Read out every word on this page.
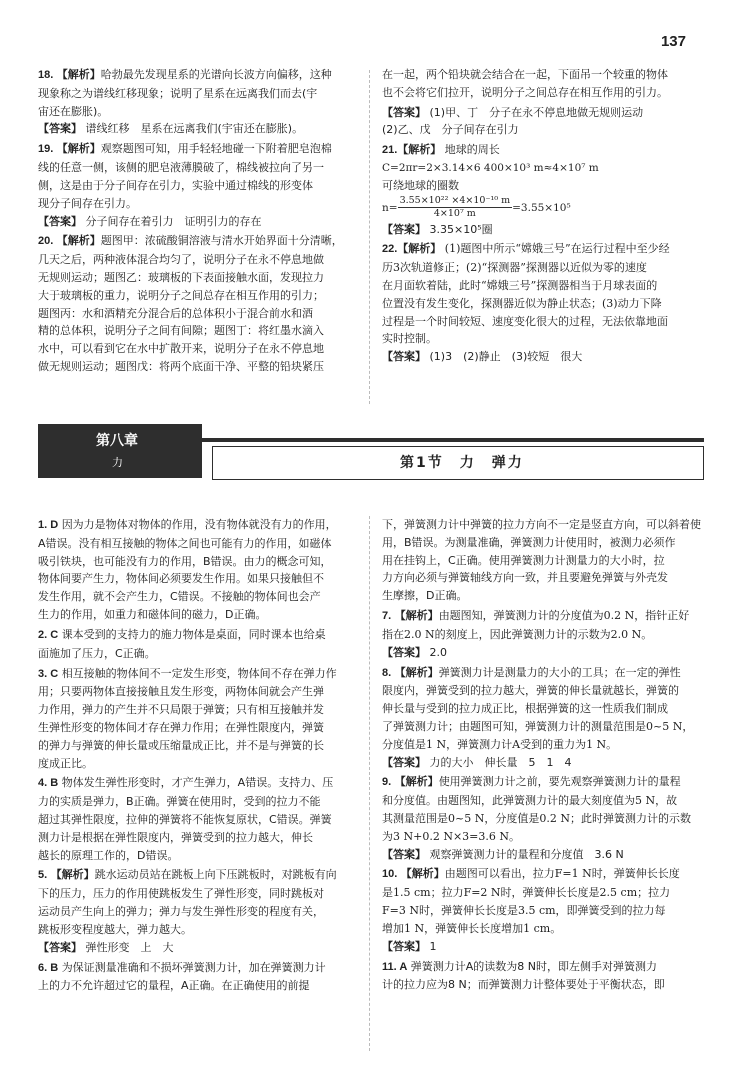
137
18. 【解析】哈勃最先发现星系的光谱向长波方向偏移，这种
现象称之为谱线红移现象；说明了星系在远离我们而去(宇
宙还在膨胀)。
【答案】 谱线红移　星系在远离我们(宇宙还在膨胀)。
19. 【解析】观察题图可知，用手轻轻地碰一下附着肥皂泡棉
线的任意一侧，该侧的肥皂液薄膜破了，棉线被拉向了另一
侧，这是由于分子间存在引力，实验中通过棉线的形变体
现分子间存在引力。
【答案】 分子间存在着引力　证明引力的存在
20. 【解析】题图甲：浓硫酸铜溶液与清水开始界面十分清晰，
几天之后，两种液体混合均匀了，说明分子在永不停息地做
无规则运动；题图乙：玻璃板的下表面接触水面，发现拉力
大于玻璃板的重力，说明分子之间总存在相互作用的引力；
题图丙：水和酒精充分混合后的总体积小于混合前水和酒
精的总体积，说明分子之间有间隙；题图丁：将红墨水滴入
水中，可以看到它在水中扩散开来，说明分子在永不停息地
做无规则运动；题图戊：将两个底面干净、平整的铅块紧压
在一起，两个铅块就会结合在一起，下面吊一个较重的物体
也不会将它们拉开，说明分子之间总存在相互作用的引力。
【答案】 (1)甲、丁　分子在永不停息地做无规则运动
(2)乙、戊　分子间存在引力
21.【解析】 地球的周长
C=2πr=2×3.14×6 400×10³ m≈4×10⁷ m
可绕地球的圈数
$n= \frac{\text{3.55×10²² ×4×10⁻¹⁰ m}}{\text{4×10⁷ m}} =3.55\times 10^5$
【答案】 3.35×10⁵圈
22.【解析】 (1)题图中所示“嫦娥三号”在运行过程中至少经
历3次轨道修正；(2)“探测器”探测器以近似为零的速度
在月面软着陆，此时“嫦娥三号”探测器相当于月球表面的
位置没有发生变化，探测器近似为静止状态；(3)动力下降
过程是一个时间较短、速度变化很大的过程，无法依靠地面
实时控制。
【答案】 (1)3　(2)静止　(3)较短　很大
第八章
力	第1节　力　弹力
1. D 因为力是物体对物体的作用，没有物体就没有力的作用，
A错误。没有相互接触的物体之间也可能有力的作用，如磁体
吸引铁块，也可能没有力的作用，B错误。由力的概念可知，
物体间要产生力，物体间必须要发生作用。如果只接触但不
发生作用，就不会产生力，C错误。不接触的物体间也会产
生力的作用，如重力和磁体间的磁力，D正确。
2. C 课本受到的支持力的施力物体是桌面，同时课本也给桌
面施加了压力，C正确。
3. C 相互接触的物体间不一定发生形变，物体间不存在弹力作
用；只要两物体直接接触且发生形变，两物体间就会产生弹
力作用，弹力的产生并不只局限于弹簧；只有相互接触并发
生弹性形变的物体间才存在弹力作用；在弹性限度内，弹簧
的弹力与弹簧的伸长量或压缩量成正比，并不是与弹簧的长
度成正比。
4. B 物体发生弹性形变时，才产生弹力，A错误。支持力、压
力的实质是弹力，B正确。弹簧在使用时，受到的拉力不能
超过其弹性限度，拉伸的弹簧将不能恢复原状，C错误。弹簧
测力计是根据在弹性限度内，弹簧受到的拉力越大，伸长
越长的原理工作的，D错误。
5. 【解析】跳水运动员站在跳板上向下压跳板时，对跳板有向
下的压力，压力的作用使跳板发生了弹性形变，同时跳板对
运动员产生向上的弹力；弹力与发生弹性形变的程度有关，
跳板形变程度越大，弹力越大。
【答案】 弹性形变　上　大
6. B 为保证测量准确和不损坏弹簧测力计，加在弹簧测力计
上的力不允许超过它的量程，A正确。在正确使用的前提
下，弹簧测力计中弹簧的拉力方向不一定是竖直方向，可以斜着使
用，B错误。为测量准确，弹簧测力计使用时，被测力必须作
用在挂钩上，C正确。使用弹簧测力计测量力的大小时，拉
力方向必须与弹簧轴线方向一致，并且要避免弹簧与外壳发
生摩擦，D正确。
7. 【解析】由题图知，弹簧测力计的分度值为0.2 N，指针正好
指在2.0 N的刻度上，因此弹簧测力计的示数为2.0 N。
【答案】 2.0
8. 【解析】弹簧测力计是测量力的大小的工具；在一定的弹性
限度内，弹簧受到的拉力越大，弹簧的伸长量就越长，弹簧的
伸长量与受到的拉力成正比，根据弹簧的这一性质我们制成
了弹簧测力计；由题图可知，弹簧测力计的测量范围是0~5 N，
分度值是1 N，弹簧测力计A受到的重力为1 N。
【答案】 力的大小　伸长量　5　1　4
9. 【解析】使用弹簧测力计之前，要先观察弹簧测力计的量程
和分度值。由题图知，此弹簧测力计的最大刻度值为5 N，故
其测量范围是0~5 N，分度值是0.2 N；此时弹簧测力计的示数
为3 N+0.2 N×3=3.6 N。
【答案】 观察弹簧测力计的量程和分度值　3.6 N
10. 【解析】由题图可以看出，拉力F=1 N时，弹簧伸长长度
是1.5 cm；拉力F=2 N时，弹簧伸长长度是2.5 cm；拉力
F=3 N时，弹簧伸长长度是3.5 cm，即弹簧受到的拉力每
增加1 N，弹簧伸长长度增加1 cm。
【答案】 1
11. A 弹簧测力计A的读数为8 N时，即左侧手对弹簧测力
计的拉力应为8 N；而弹簧测力计整体要处于平衡状态，即
